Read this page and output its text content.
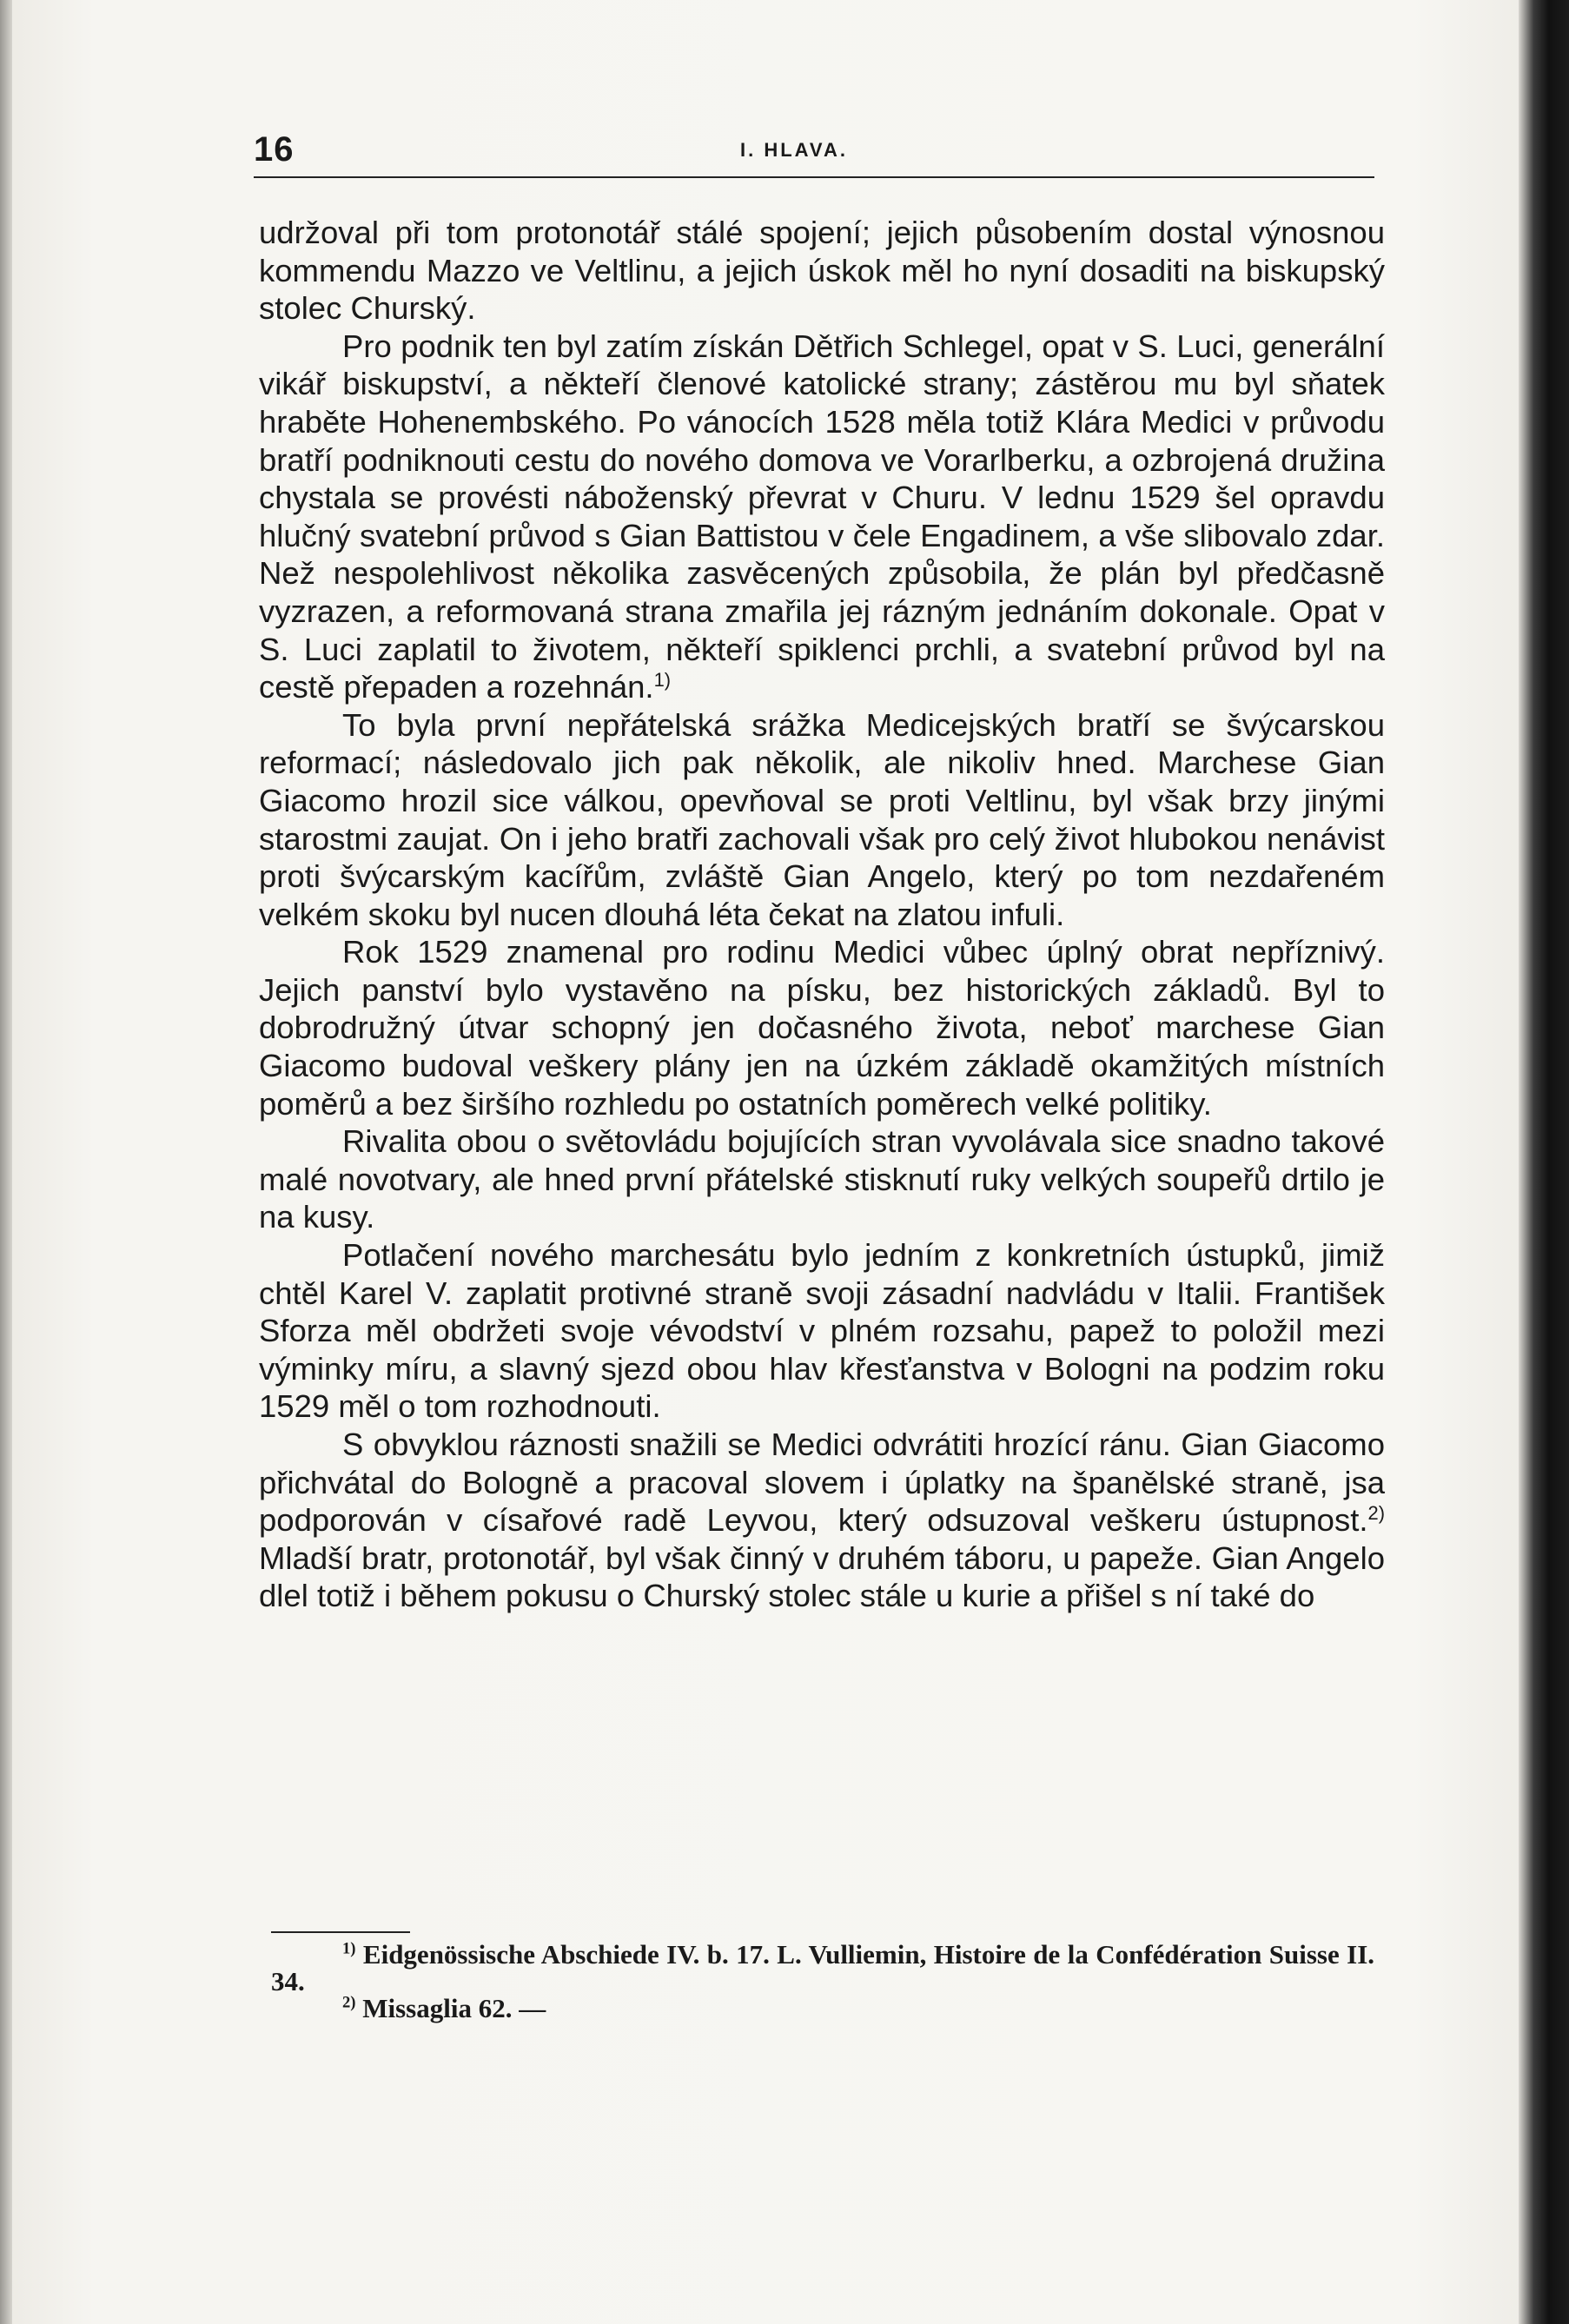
16	I. HLAVA.

udržoval při tom protonotář stálé spojení; jejich působením dostal výnosnou kommendu Mazzo ve Veltlinu, a jejich úskok měl ho nyní dosaditi na biskupský stolec Churský.

Pro podnik ten byl zatím získán Dětřich Schlegel, opat v S. Luci, generální vikář biskupství, a někteří členové katolické strany; zástěrou mu byl sňatek hraběte Hohenembského. Po vánocích 1528 měla totiž Klára Medici v průvodu bratří podniknouti cestu do nového domova ve Vorarlberku, a ozbrojená družina chystala se provésti náboženský převrat v Churu. V lednu 1529 šel opravdu hlučný svatební průvod s Gian Battistou v čele Engadinem, a vše slibovalo zdar. Než nespolehlivost několika zasvěcených způsobila, že plán byl předčasně vyzrazen, a reformovaná strana zmařila jej rázným jednáním dokonale. Opat v S. Luci zaplatil to životem, někteří spiklenci prchli, a svatební průvod byl na cestě přepaden a rozehnán.$^{1)}$

To byla první nepřátelská srážka Medicejských bratří se švýcarskou reformací; následovalo jich pak několik, ale nikoliv hned. Marchese Gian Giacomo hrozil sice válkou, opevňoval se proti Veltlinu, byl však brzy jinými starostmi zaujat. On i jeho bratři zachovali však pro celý život hlubokou nenávist proti švýcarským kacířům, zvláště Gian Angelo, který po tom nezdařeném velkém skoku byl nucen dlouhá léta čekat na zlatou infuli.

Rok 1529 znamenal pro rodinu Medici vůbec úplný obrat nepříznivý. Jejich panství bylo vystavěno na písku, bez historických základů. Byl to dobrodružný útvar schopný jen dočasného života, neboť marchese Gian Giacomo budoval veškery plány jen na úzkém základě okamžitých místních poměrů a bez širšího rozhledu po ostatních poměrech velké politiky.

Rivalita obou o světovládu bojujících stran vyvolávala sice snadno takové malé novotvary, ale hned první přátelské stisknutí ruky velkých soupeřů drtilo je na kusy.

Potlačení nového marchesátu bylo jedním z konkretních ústupků, jimiž chtěl Karel V. zaplatit protivné straně svoji zásadní nadvládu v Italii. František Sforza měl obdržeti svoje vévodství v plném rozsahu, papež to položil mezi výminky míru, a slavný sjezd obou hlav křesťanstva v Bologni na podzim roku 1529 měl o tom rozhodnouti.

S obvyklou ráznosti snažili se Medici odvrátiti hrozící ránu. Gian Giacomo přichvátal do Bologně a pracoval slovem i úplatky na španělské straně, jsa podporován v císařové radě Leyvou, který odsuzoval veškeru ústupnost.$^{2)}$ Mladší bratr, protonotář, byl však činný v druhém táboru, u papeže. Gian Angelo dlel totiž i během pokusu o Churský stolec stále u kurie a přišel s ní také do

$^{1)}$ Eidgenössische Abschiede IV. b. 17. L. Vulliemin, Histoire de la Confédération Suisse II. 34.

$^{2)}$ Missaglia 62. —
